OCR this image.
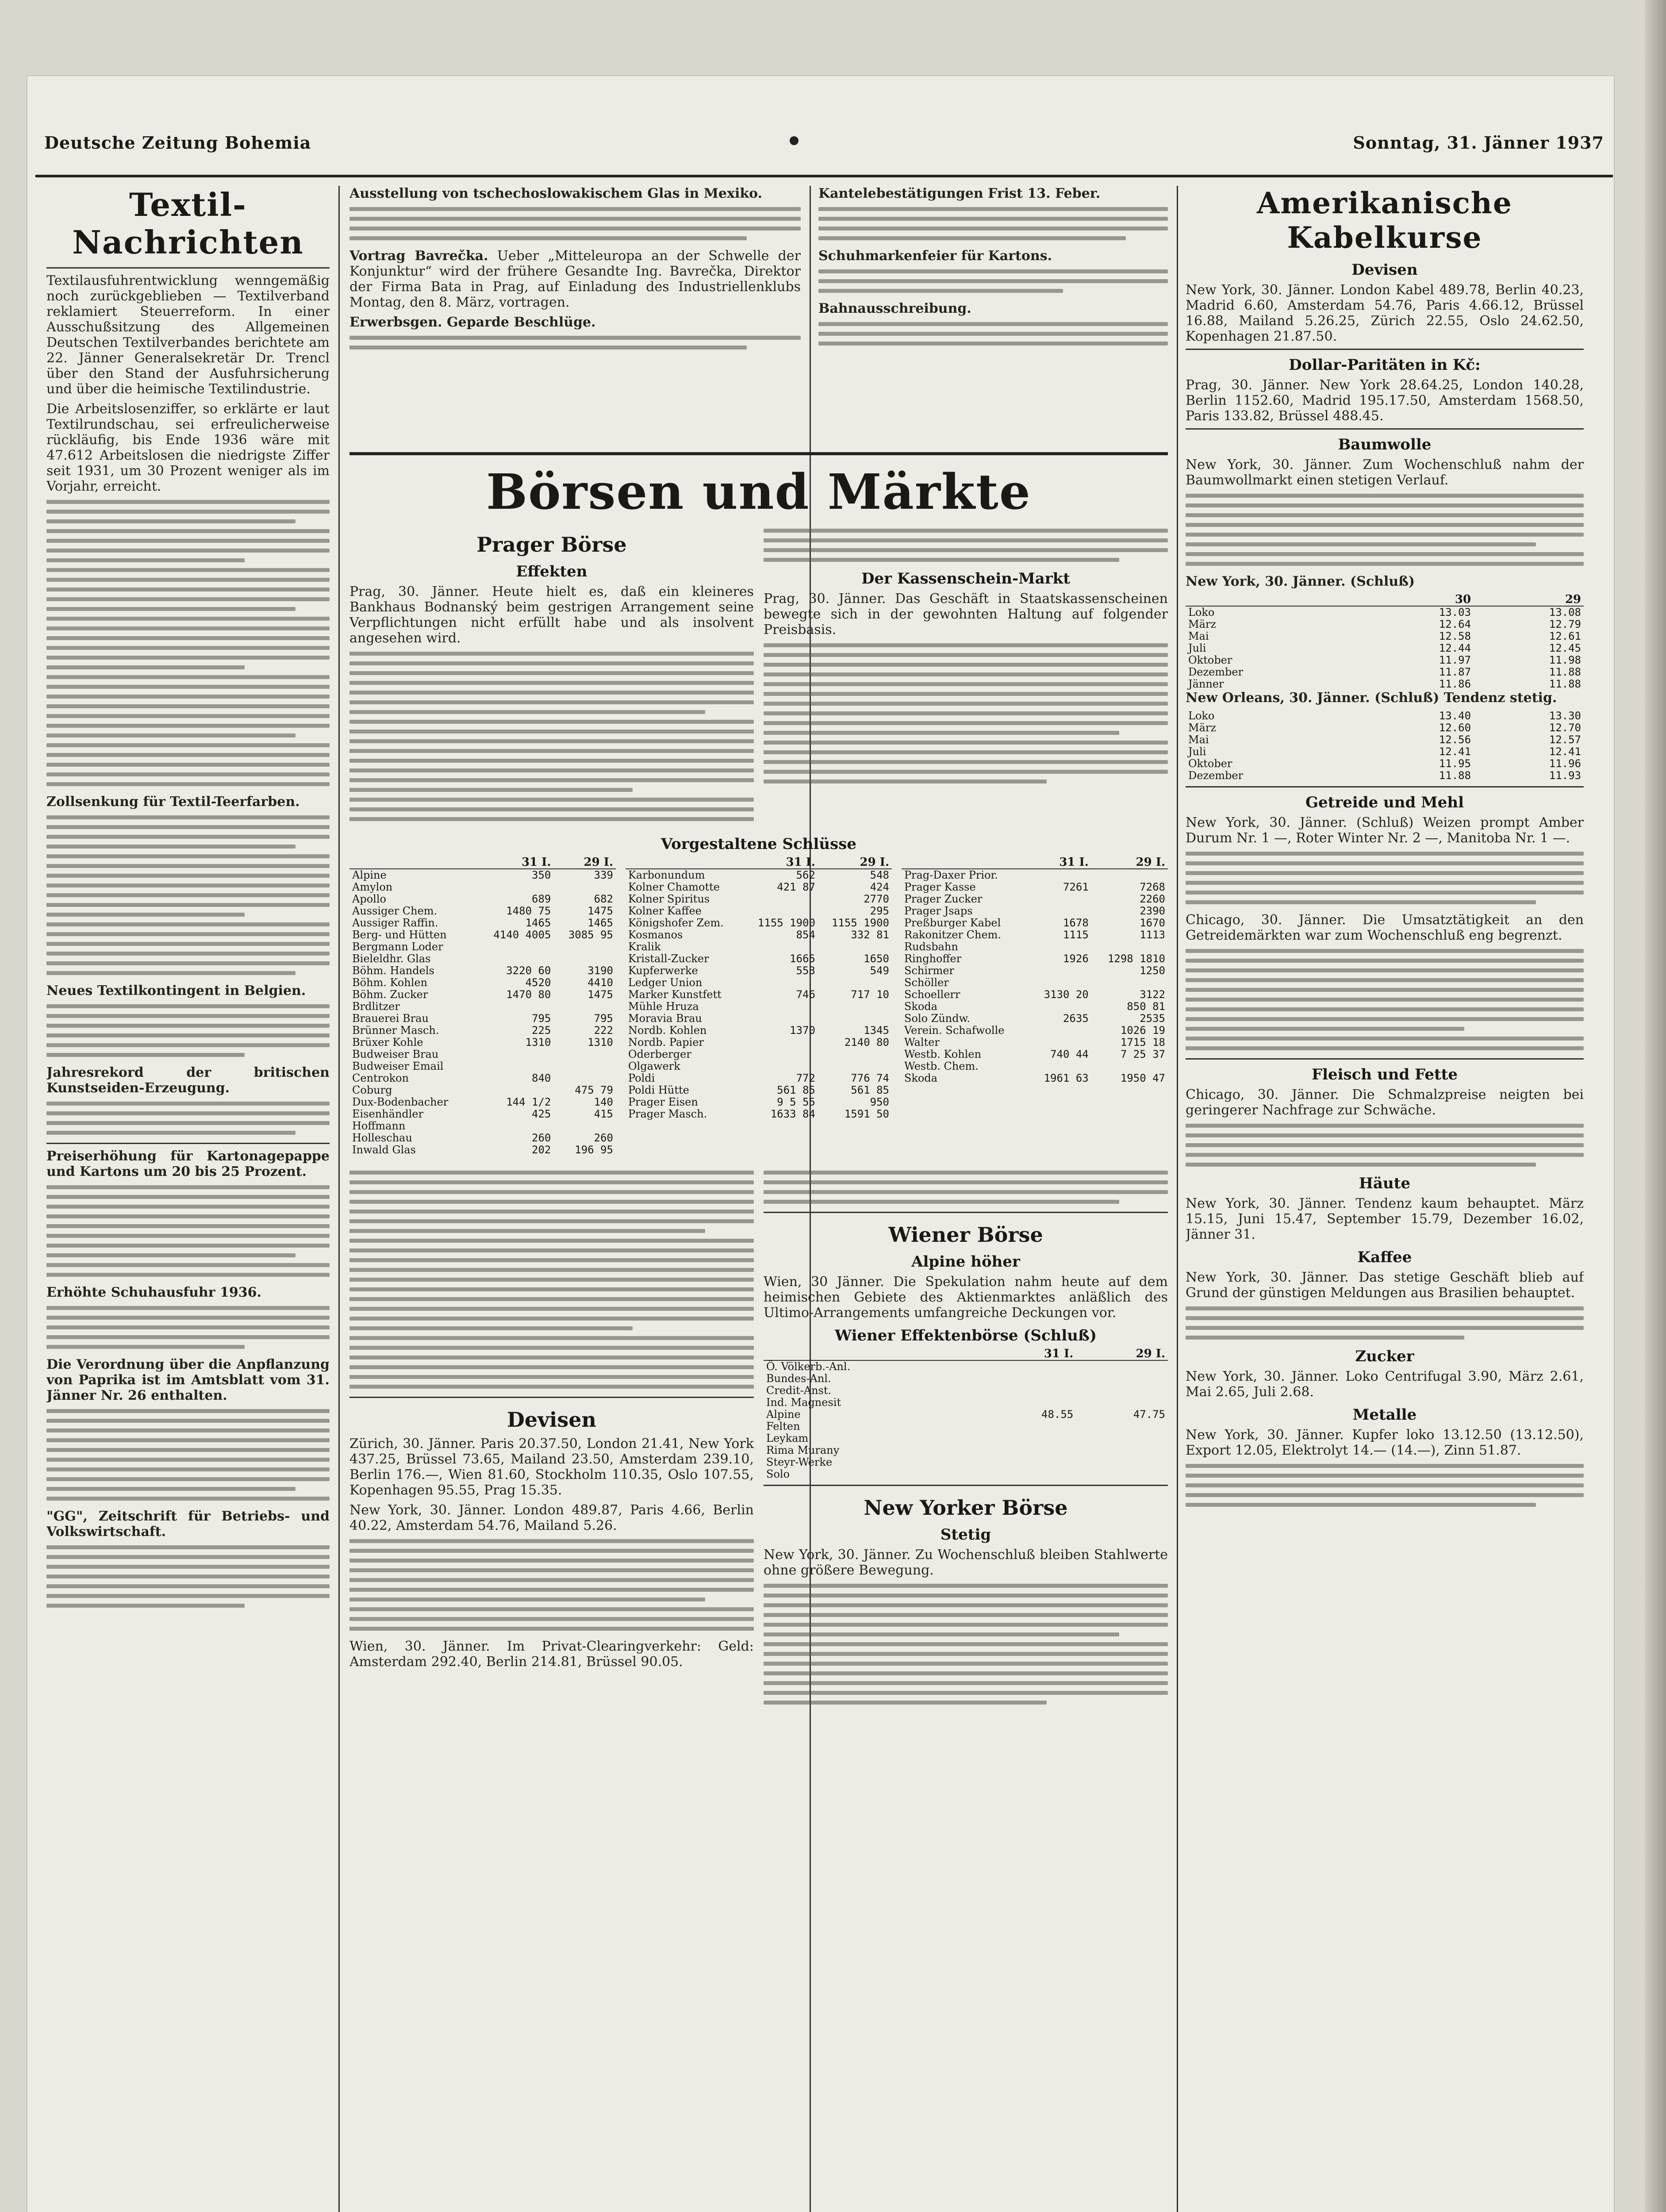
Deutsche Zeitung Bohemia	Sonntag, 31. Jänner 1937
Textil-Nachrichten

Textilausfuhrentwicklung wenngemäßig noch zurückgeblieben — Textilverband reklamiert Steuerreform. In einer Ausschußsitzung des Allgemeinen Deutschen Textilverbandes berichtete am 22. Jänner Generalsekretär Dr. Trencl über den Stand der Ausfuhrsicherung und über die heimische Textilindustrie.

Die Arbeitslosenziffer, so erklärte er laut Textilrundschau, sei erfreulicherweise rückläufig, bis Ende 1936 wäre mit 47.612 Arbeitslosen die niedrigste Ziffer seit 1931, um 30 Prozent weniger als im Vorjahr, erreicht.

Zollsenkung für Textil-Teerfarben.

Neues Textilkontingent in Belgien.

Jahresrekord der britischen Kunstseiden-Erzeugung.

Preiserhöhung für Kartonagepappe und Kartons um 20 bis 25 Prozent.

Erhöhte Schuhausfuhr 1936.

Die Verordnung über die Anpflanzung von Paprika ist im Amtsblatt vom 31. Jänner Nr. 26 enthalten.

"GG", Zeitschrift für Betriebs- und Volkswirtschaft.

Ausstellung von tschechoslowakischem Glas in Mexiko.

Vortrag Bavrečka. Ueber „Mitteleuropa an der Schwelle der Konjunktur“ wird der frühere Gesandte Ing. Bavrečka, Direktor der Firma Bata in Prag, auf Einladung des Industriellenklubs Montag, den 8. März, vortragen.

Erwerbsgen. Geparde Beschlüge.

Kantelebestätigungen Frist 13. Feber.

Schuhmarkenfeier für Kartons.

Bahnausschreibung.

Börsen und Märkte
Prager Börse
Effekten

Prag, 30. Jänner. Heute hielt es, daß ein kleineres Bankhaus Bodnanský beim gestrigen Arrangement seine Verpflichtungen nicht erfüllt habe und als insolvent angesehen wird.

Der Kassenschein-Markt

Prag, 30. Jänner. Das Geschäft in Staatskassenscheinen bewegte sich in der gewohnten Haltung auf folgender Preisbasis.

Vorgestaltene Schlüsse
	31 I.	29 I.
Alpine	350	339
Amylon		
Apollo	689	682
Aussiger Chem.	1480 75	1475
Aussiger Raffin.	1465	1465
Berg- und Hütten	4140 4005	3085 95
Bergmann Loder		
Bieleldhr. Glas		
Böhm. Handels	3220 60	3190
Böhm. Kohlen	4520	4410
Böhm. Zucker	1470 80	1475
Brdlitzer		
Brauerei Brau	795	795
Brünner Masch.	225	222
Brüxer Kohle	1310	1310
Budweiser Brau		
Budweiser Email		
Centrokon	840	
Coburg		475 79
Dux-Bodenbacher	144 1/2	140
Eisenhändler	425	415
Hoffmann		
Holleschau	260	260
Inwald Glas	202	196 95
	31 I.	29 I.
Karbonundum	562	548
Kolner Chamotte	421 87	424
Kolner Spiritus		2770
Kolner Kaffee		295
Königshofer Zem.	1155 1900	1155 1900
Kosmanos	854	332 81
Kralik		
Kristall-Zucker	1665	1650
Kupferwerke	553	549
Ledger Union		
Marker Kunstfett	746	717 10
Mühle Hruza		
Moravia Brau		
Nordb. Kohlen	1370	1345
Nordb. Papier		2140 80
Oderberger		
Olgawerk		
Poldi	772	776 74
Poldi Hütte	561 85	561 85
Prager Eisen	9 5 55	950
Prager Masch.	1633 84	1591 50
	31 I.	29 I.
Prag-Daxer Prior.		
Prager Kasse	7261	7268
Prager Zucker		2260
Prager Jsaps		2390
Preßburger Kabel	1678	1670
Rakonitzer Chem.	1115	1113
Rudsbahn		
Ringhoffer	1926	1298 1810
Schirmer		1250
Schöller		
Schoellerr	3130 20	3122
Skoda		850 81
Solo Zündw.	2635	2535
Verein. Schafwolle		1026 19
Walter		1715 18
Westb. Kohlen	740 44	7 25 37
Westb. Chem.		
Skoda	1961 63	1950 47
Devisen

Zürich, 30. Jänner. Paris 20.37.50, London 21.41, New York 437.25, Brüssel 73.65, Mailand 23.50, Amsterdam 239.10, Berlin 176.—, Wien 81.60, Stockholm 110.35, Oslo 107.55, Kopenhagen 95.55, Prag 15.35.

New York, 30. Jänner. London 489.87, Paris 4.66, Berlin 40.22, Amsterdam 54.76, Mailand 5.26.

Wien, 30. Jänner. Im Privat-Clearingverkehr: Geld: Amsterdam 292.40, Berlin 214.81, Brüssel 90.05.

Wiener Börse
Alpine höher

Wien, 30 Jänner. Die Spekulation nahm heute auf dem heimischen Gebiete des Aktienmarktes anläßlich des Ultimo-Arrangements umfangreiche Deckungen vor.

Wiener Effektenbörse (Schluß)
	31 I.	29 I.
Ö. Völkerb.-Anl.		
Bundes-Anl.		
Credit-Anst.		
Ind. Magnesit		
Alpine	48.55	47.75
Felten		
Leykam		
Rima Murany		
Steyr-Werke		
Solo		
New Yorker Börse
Stetig

New York, 30. Jänner. Zu Wochenschluß bleiben Stahlwerte ohne größere Bewegung.

Amerikanische Kabelkurse
Devisen

New York, 30. Jänner. London Kabel 489.78, Berlin 40.23, Madrid 6.60, Amsterdam 54.76, Paris 4.66.12, Brüssel 16.88, Mailand 5.26.25, Zürich 22.55, Oslo 24.62.50, Kopenhagen 21.87.50.

Dollar-Paritäten in Kč:

Prag, 30. Jänner. New York 28.64.25, London 140.28, Berlin 1152.60, Madrid 195.17.50, Amsterdam 1568.50, Paris 133.82, Brüssel 488.45.

Baumwolle

New York, 30. Jänner. Zum Wochenschluß nahm der Baumwollmarkt einen stetigen Verlauf.

New York, 30. Jänner. (Schluß)

	30	29
Loko	13.03	13.08
März	12.64	12.79
Mai	12.58	12.61
Juli	12.44	12.45
Oktober	11.97	11.98
Dezember	11.87	11.88
Jänner	11.86	11.88

New Orleans, 30. Jänner. (Schluß) Tendenz stetig.

Loko	13.40	13.30
März	12.60	12.70
Mai	12.56	12.57
Juli	12.41	12.41
Oktober	11.95	11.96
Dezember	11.88	11.93
Getreide und Mehl

New York, 30. Jänner. (Schluß) Weizen prompt Amber Durum Nr. 1 —, Roter Winter Nr. 2 —, Manitoba Nr. 1 —.

Chicago, 30. Jänner. Die Umsatztätigkeit an den Getreidemärkten war zum Wochenschluß eng begrenzt.

Fleisch und Fette

Chicago, 30. Jänner. Die Schmalzpreise neigten bei geringerer Nachfrage zur Schwäche.

Häute

New York, 30. Jänner. Tendenz kaum behauptet. März 15.15, Juni 15.47, September 15.79, Dezember 16.02, Jänner 31.

Kaffee

New York, 30. Jänner. Das stetige Geschäft blieb auf Grund der günstigen Meldungen aus Brasilien behauptet.

Zucker

New York, 30. Jänner. Loko Centrifugal 3.90, März 2.61, Mai 2.65, Juli 2.68.

Metalle

New York, 30. Jänner. Kupfer loko 13.12.50 (13.12.50), Export 12.05, Elektrolyt 14.— (14.—), Zinn 51.87.
